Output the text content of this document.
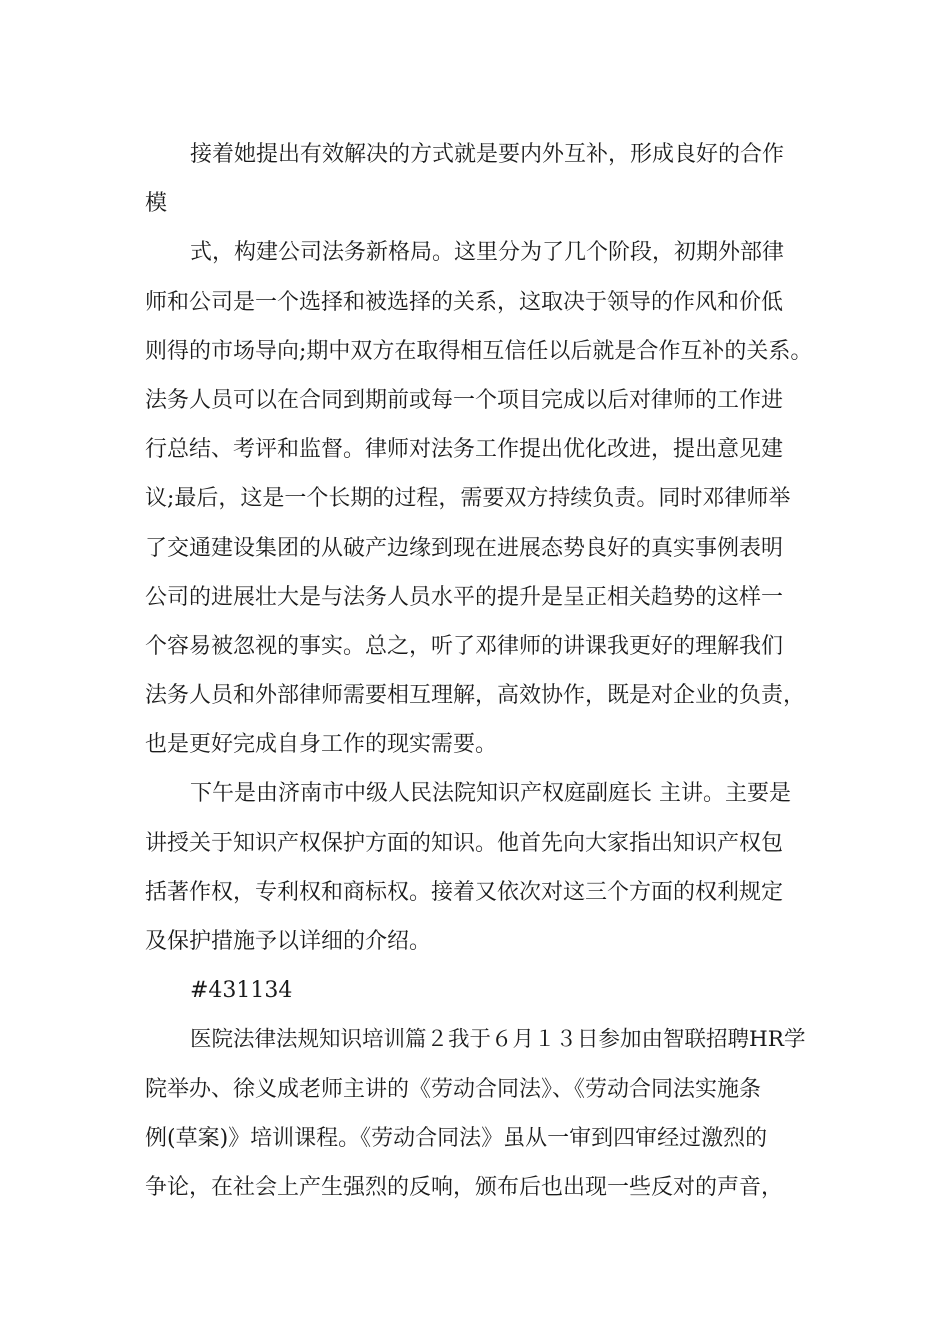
接着她提出有效解决的方式就是要内外互补，形成良好的合作
模
式，构建公司法务新格局。这里分为了几个阶段，初期外部律
师和公司是一个选择和被选择的关系，这取决于领导的作风和价低
则得的市场导向;期中双方在取得相互信任以后就是合作互补的关系。
法务人员可以在合同到期前或每一个项目完成以后对律师的工作进
行总结、考评和监督。律师对法务工作提出优化改进，提出意见建
议;最后，这是一个长期的过程，需要双方持续负责。同时邓律师举
了交通建设集团的从破产边缘到现在进展态势良好的真实事例表明
公司的进展壮大是与法务人员水平的提升是呈正相关趋势的这样一
个容易被忽视的事实。总之，听了邓律师的讲课我更好的理解我们
法务人员和外部律师需要相互理解，高效协作，既是对企业的负责，
也是更好完成自身工作的现实需要。
下午是由济南市中级人民法院知识产权庭副庭长 主讲。主要是
讲授关于知识产权保护方面的知识。他首先向大家指出知识产权包
括著作权，专利权和商标权。接着又依次对这三个方面的权利规定
及保护措施予以详细的介绍。
#431134
医院法律法规知识培训篇２我于６月１３日参加由智联招聘HR学
院举办、徐义成老师主讲的《劳动合同法》、《劳动合同法实施条
例(草案)》培训课程。《劳动合同法》虽从一审到四审经过激烈的
争论，在社会上产生强烈的反响，颁布后也出现一些反对的声音，
